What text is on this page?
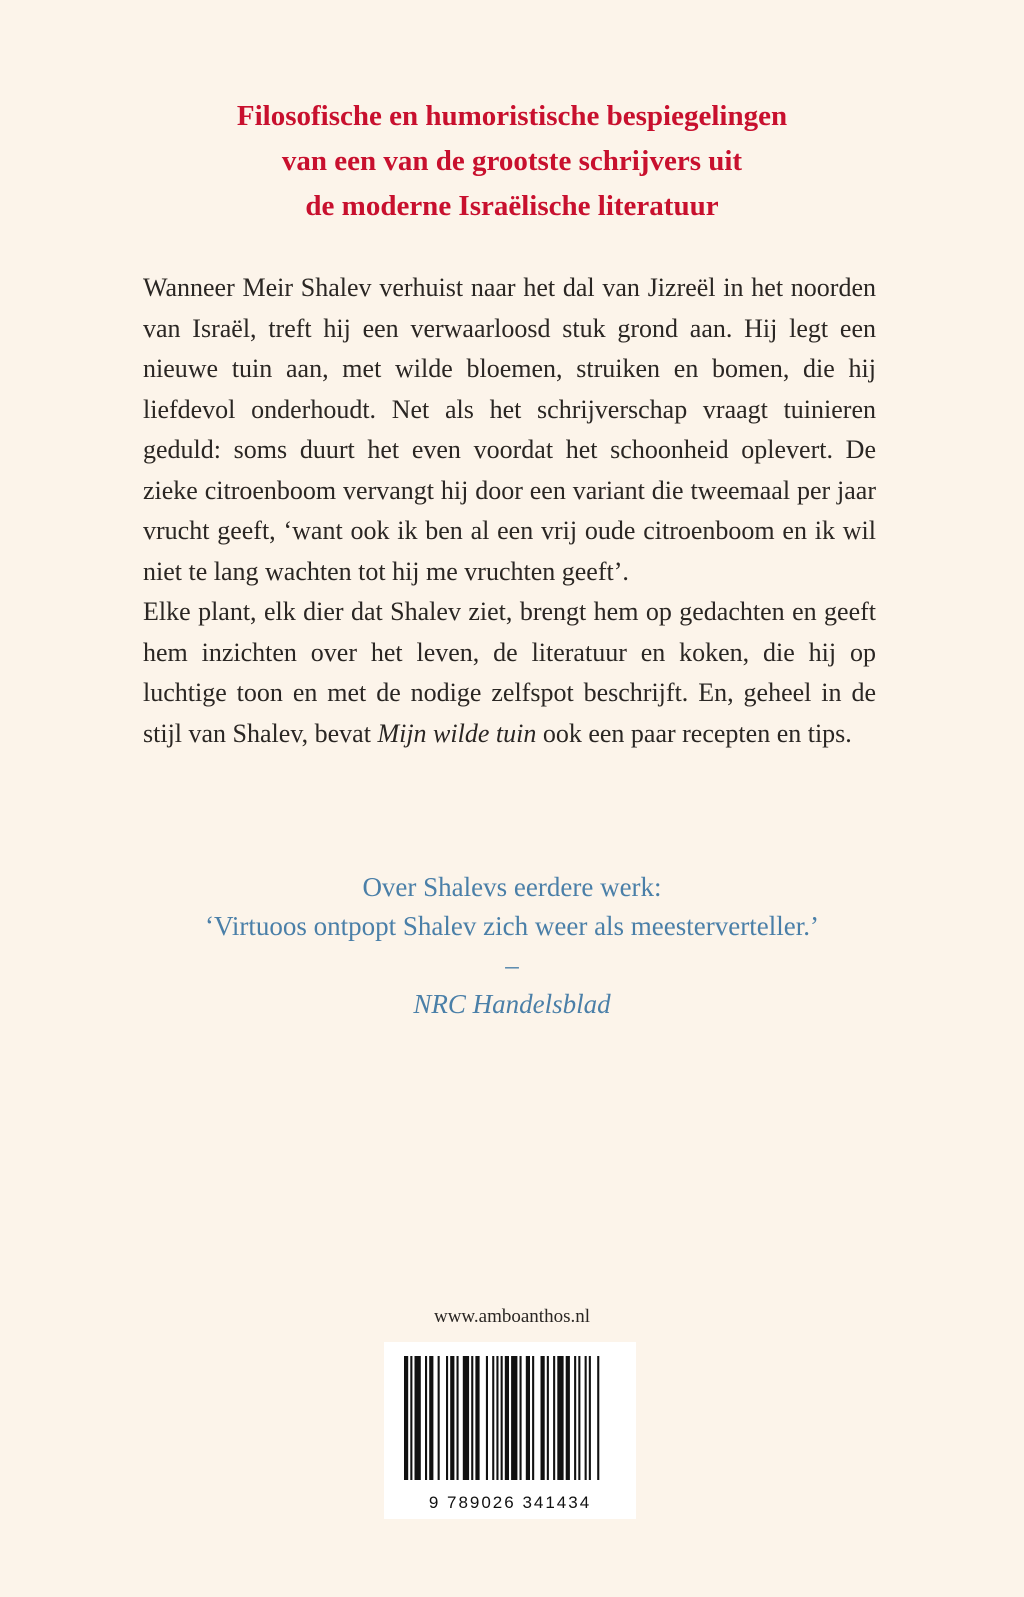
Filosofische en humoristische bespiegelingen
van een van de grootste schrijvers uit
de moderne Israëlische literatuur

Wanneer Meir Shalev verhuist naar het dal van Jizreël in het noorden van Israël, treft hij een verwaarloosd stuk grond aan. Hij legt een nieuwe tuin aan, met wilde bloemen, struiken en bomen, die hij liefdevol onderhoudt. Net als het schrijverschap vraagt tuinieren geduld: soms duurt het even voordat het schoonheid oplevert. De zieke citroenboom vervangt hij door een variant die tweemaal per jaar vrucht geeft, ‘want ook ik ben al een vrij oude citroenboom en ik wil niet te lang wachten tot hij me vruchten geeft’.

Elke plant, elk dier dat Shalev ziet, brengt hem op gedachten en geeft hem inzichten over het leven, de literatuur en koken, die hij op luchtige toon en met de nodige zelfspot beschrijft. En, geheel in de stijl van Shalev, bevat Mijn wilde tuin ook een paar recepten en tips.

Over Shalevs eerdere werk:
‘Virtuoos ontpopt Shalev zich weer als meesterverteller.’
–
NRC Handelsblad
www.amboanthos.nl
9 789026 341434
